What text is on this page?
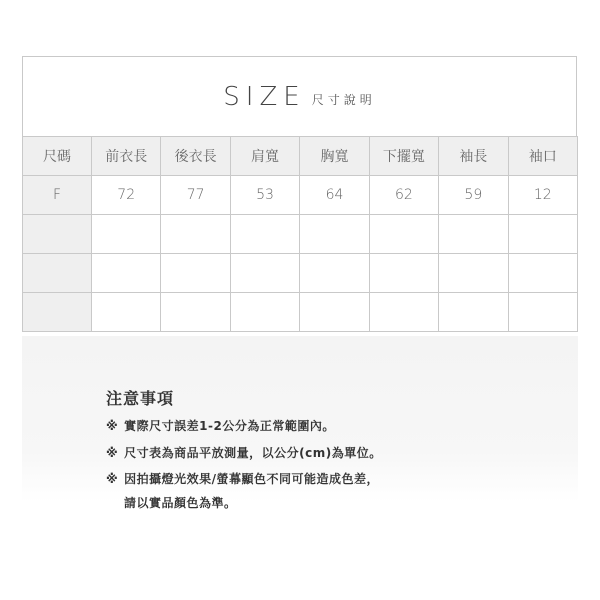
SIZE 尺寸說明
尺碼	前衣長	後衣長	肩寬	胸寬	下擺寬	袖長	袖口
F	72	77	53	64	62	59	12

注意事項
※ 實際尺寸誤差1-2公分為正常範圍內。
※ 尺寸表為商品平放測量，以公分(cm)為單位。
※ 因拍攝燈光效果/螢幕顯色不同可能造成色差，
請以實品顏色為準。
